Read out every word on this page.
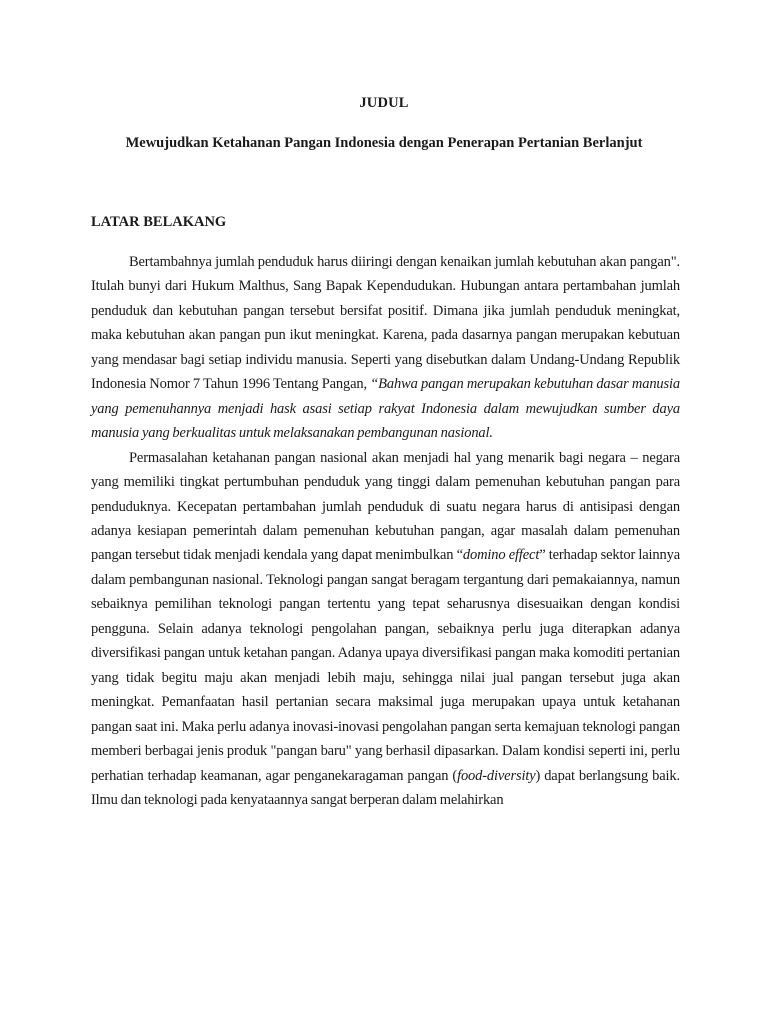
JUDUL
Mewujudkan Ketahanan Pangan Indonesia dengan Penerapan Pertanian Berlanjut
LATAR BELAKANG

Bertambahnya jumlah penduduk harus diiringi dengan kenaikan jumlah kebutuhan akan pangan". Itulah bunyi dari Hukum Malthus, Sang Bapak Kependudukan. Hubungan antara pertambahan jumlah penduduk dan kebutuhan pangan tersebut bersifat positif. Dimana jika jumlah penduduk meningkat, maka kebutuhan akan pangan pun ikut meningkat. Karena, pada dasarnya pangan merupakan kebutuan yang mendasar bagi setiap individu manusia. Seperti yang disebutkan dalam Undang-Undang Republik Indonesia Nomor 7 Tahun 1996 Tentang Pangan, “Bahwa pangan merupakan kebutuhan dasar manusia yang pemenuhannya menjadi hask asasi setiap rakyat Indonesia dalam mewujudkan sumber daya manusia yang berkualitas untuk melaksanakan pembangunan nasional.

Permasalahan ketahanan pangan nasional akan menjadi hal yang menarik bagi negara – negara yang memiliki tingkat pertumbuhan penduduk yang tinggi dalam pemenuhan kebutuhan pangan para penduduknya. Kecepatan pertambahan jumlah penduduk di suatu negara harus di antisipasi dengan adanya kesiapan pemerintah dalam pemenuhan kebutuhan pangan, agar masalah dalam pemenuhan pangan tersebut tidak menjadi kendala yang dapat menimbulkan “domino effect” terhadap sektor lainnya dalam pembangunan nasional. Teknologi pangan sangat beragam tergantung dari pemakaiannya, namun sebaiknya pemilihan teknologi pangan tertentu yang tepat seharusnya disesuaikan dengan kondisi pengguna. Selain adanya teknologi pengolahan pangan, sebaiknya perlu juga diterapkan adanya diversifikasi pangan untuk ketahan pangan. Adanya upaya diversifikasi pangan maka komoditi pertanian yang tidak begitu maju akan menjadi lebih maju, sehingga nilai jual pangan tersebut juga akan meningkat. Pemanfaatan hasil pertanian secara maksimal juga merupakan upaya untuk ketahanan pangan saat ini. Maka perlu adanya inovasi-inovasi pengolahan pangan serta kemajuan teknologi pangan memberi berbagai jenis produk "pangan baru" yang berhasil dipasarkan. Dalam kondisi seperti ini, perlu perhatian terhadap keamanan, agar penganekaragaman pangan (food-diversity) dapat berlangsung baik. Ilmu dan teknologi pada kenyataannya sangat berperan dalam melahirkan
